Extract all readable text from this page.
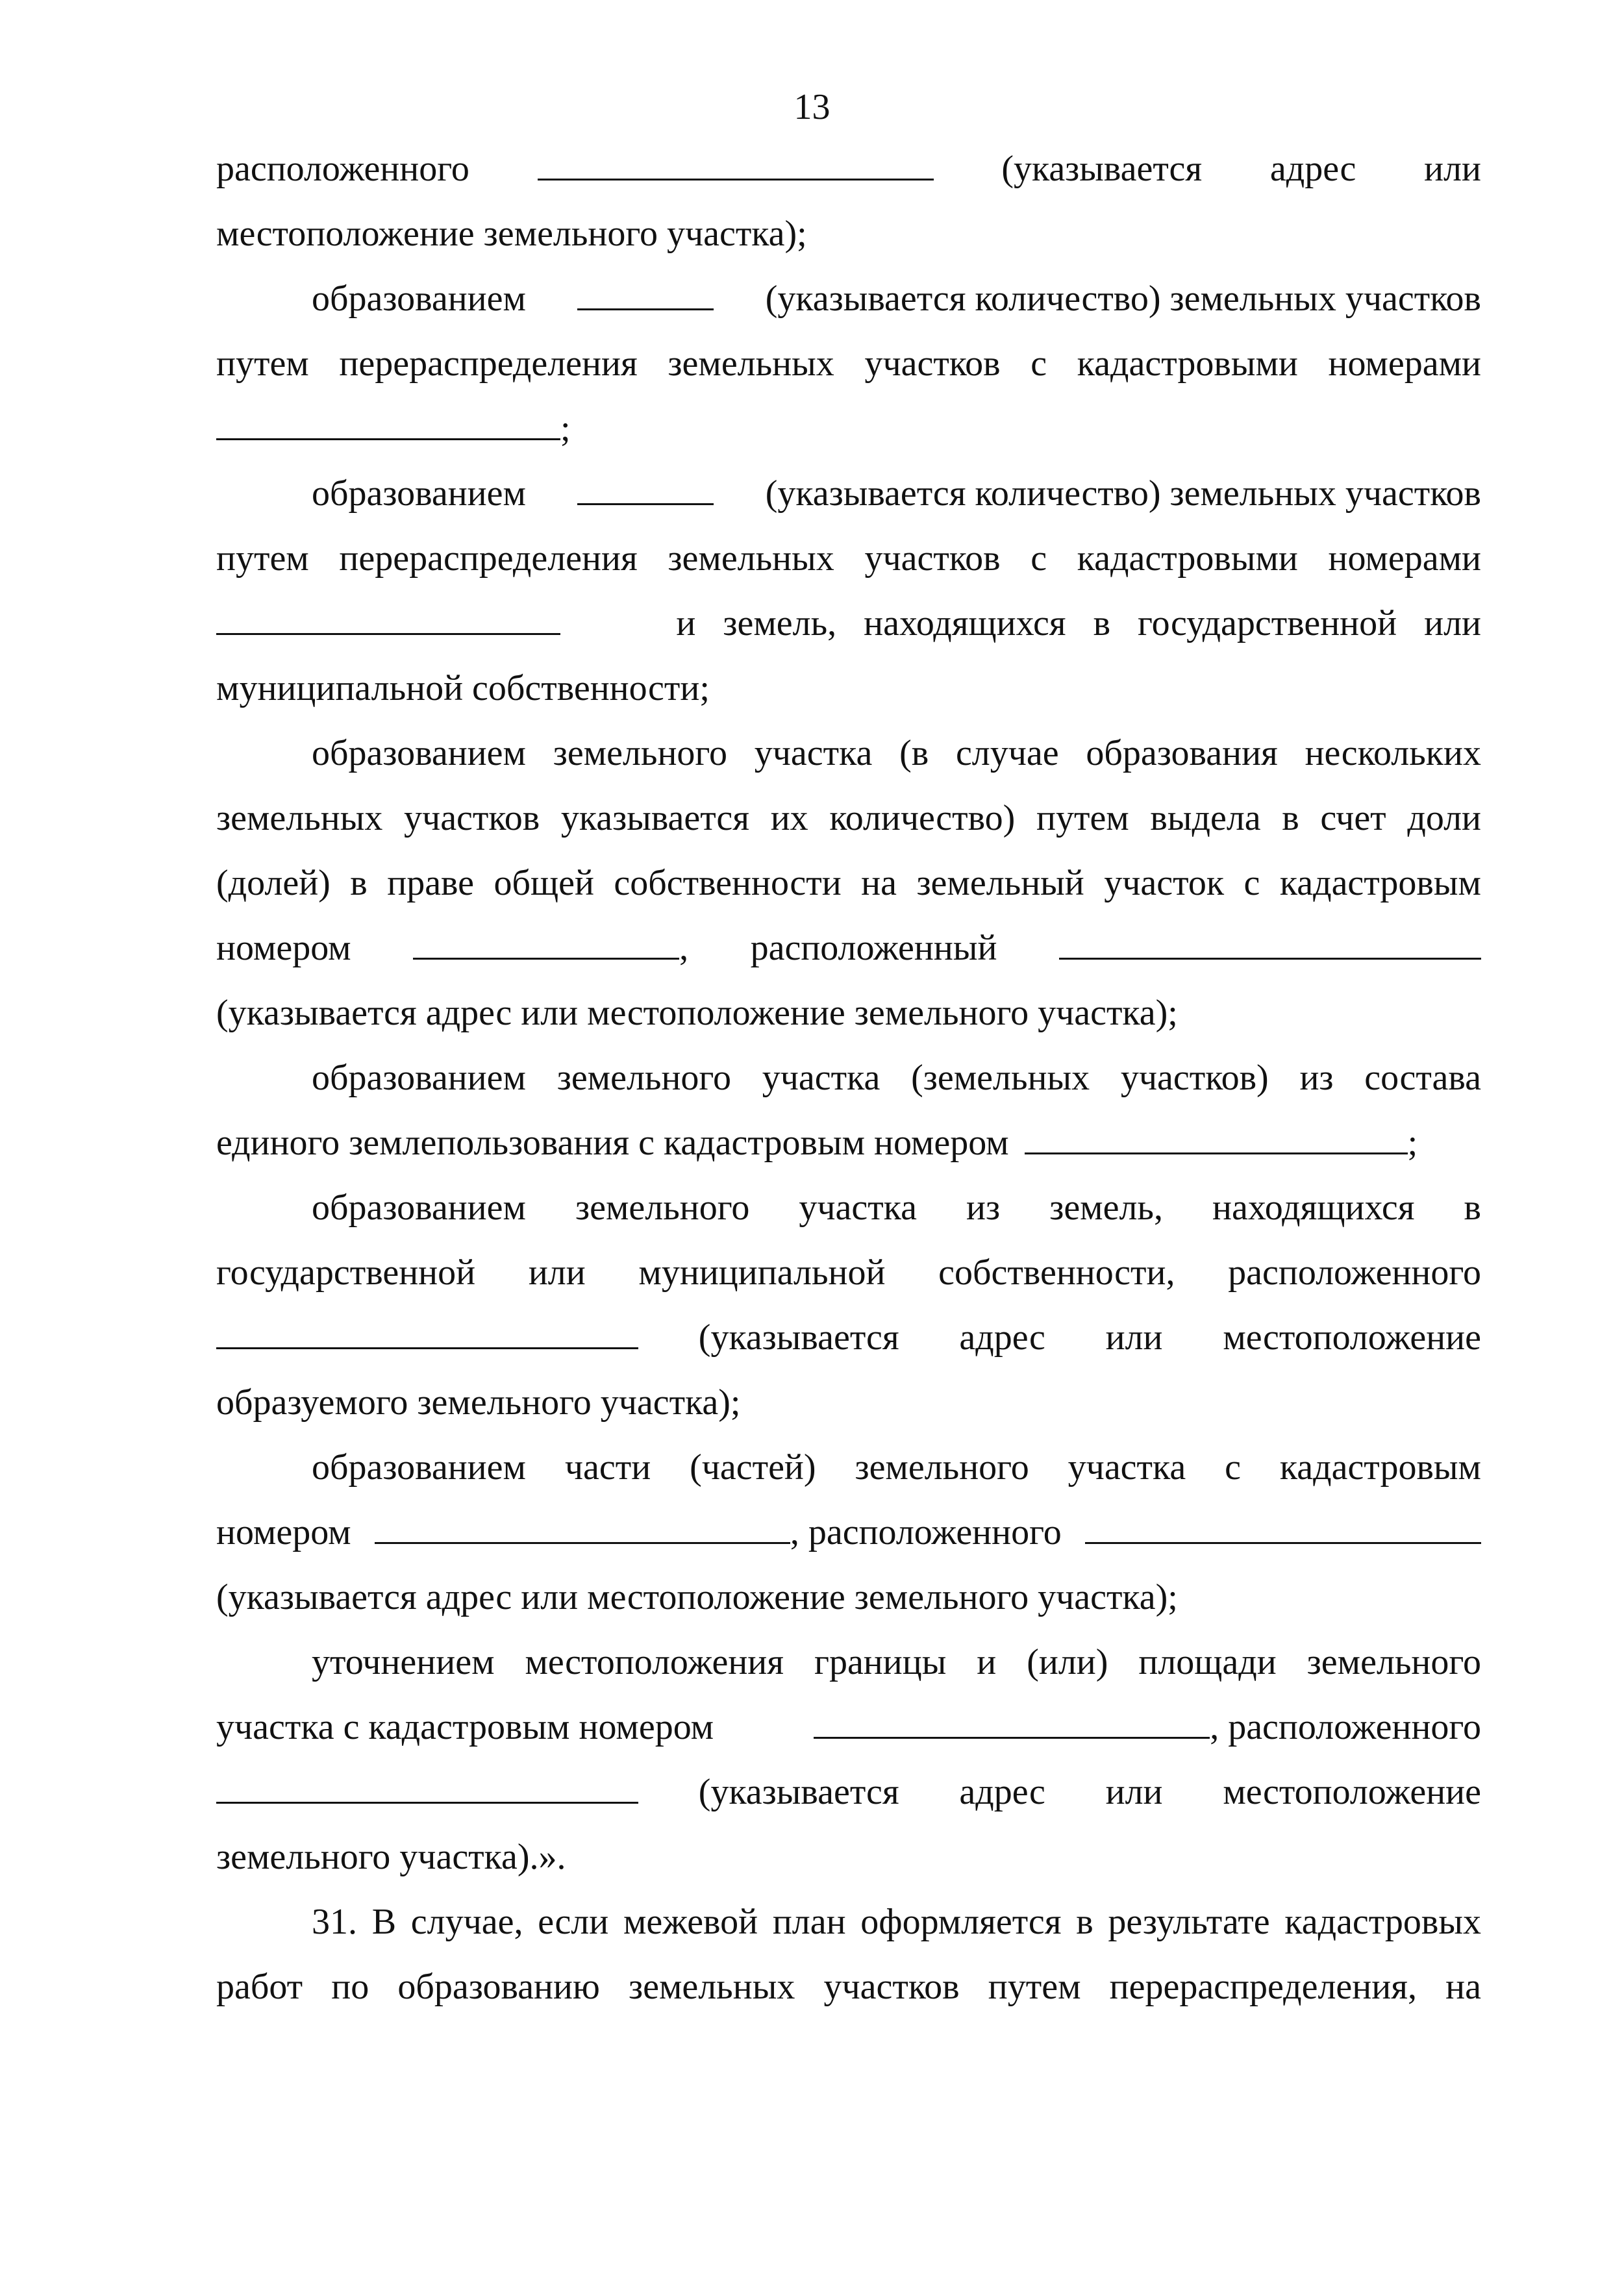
13
расположенного	(указывается адрес или
местоположение земельного участка);
образованием	(указывается количество) земельных участков
путем перераспределения земельных участков с кадастровыми номерами
;
образованием	(указывается количество) земельных участков
путем перераспределения земельных участков с кадастровыми номерами
и земель, находящихся в государственной или
муниципальной собственности;
образованием земельного участка (в случае образования нескольких
земельных участков указывается их количество) путем выдела в счет доли
(долей) в праве общей собственности на земельный участок с кадастровым
номером	, расположенный
(указывается адрес или местоположение земельного участка);
образованием земельного участка (земельных участков) из состава
единого землепользования с кадастровым номером	;
образованием земельного участка из земель, находящихся в
государственной или муниципальной собственности, расположенного
(указывается адрес или местоположение
образуемого земельного участка);
образованием части (частей) земельного участка с кадастровым
номером	, расположенного
(указывается адрес или местоположение земельного участка);
уточнением местоположения границы и (или) площади земельного
участка с кадастровым номером	, расположенного
(указывается адрес или местоположение
земельного участка).».
31. В случае, если межевой план оформляется в результате кадастровых
работ по образованию земельных участков путем перераспределения, на
